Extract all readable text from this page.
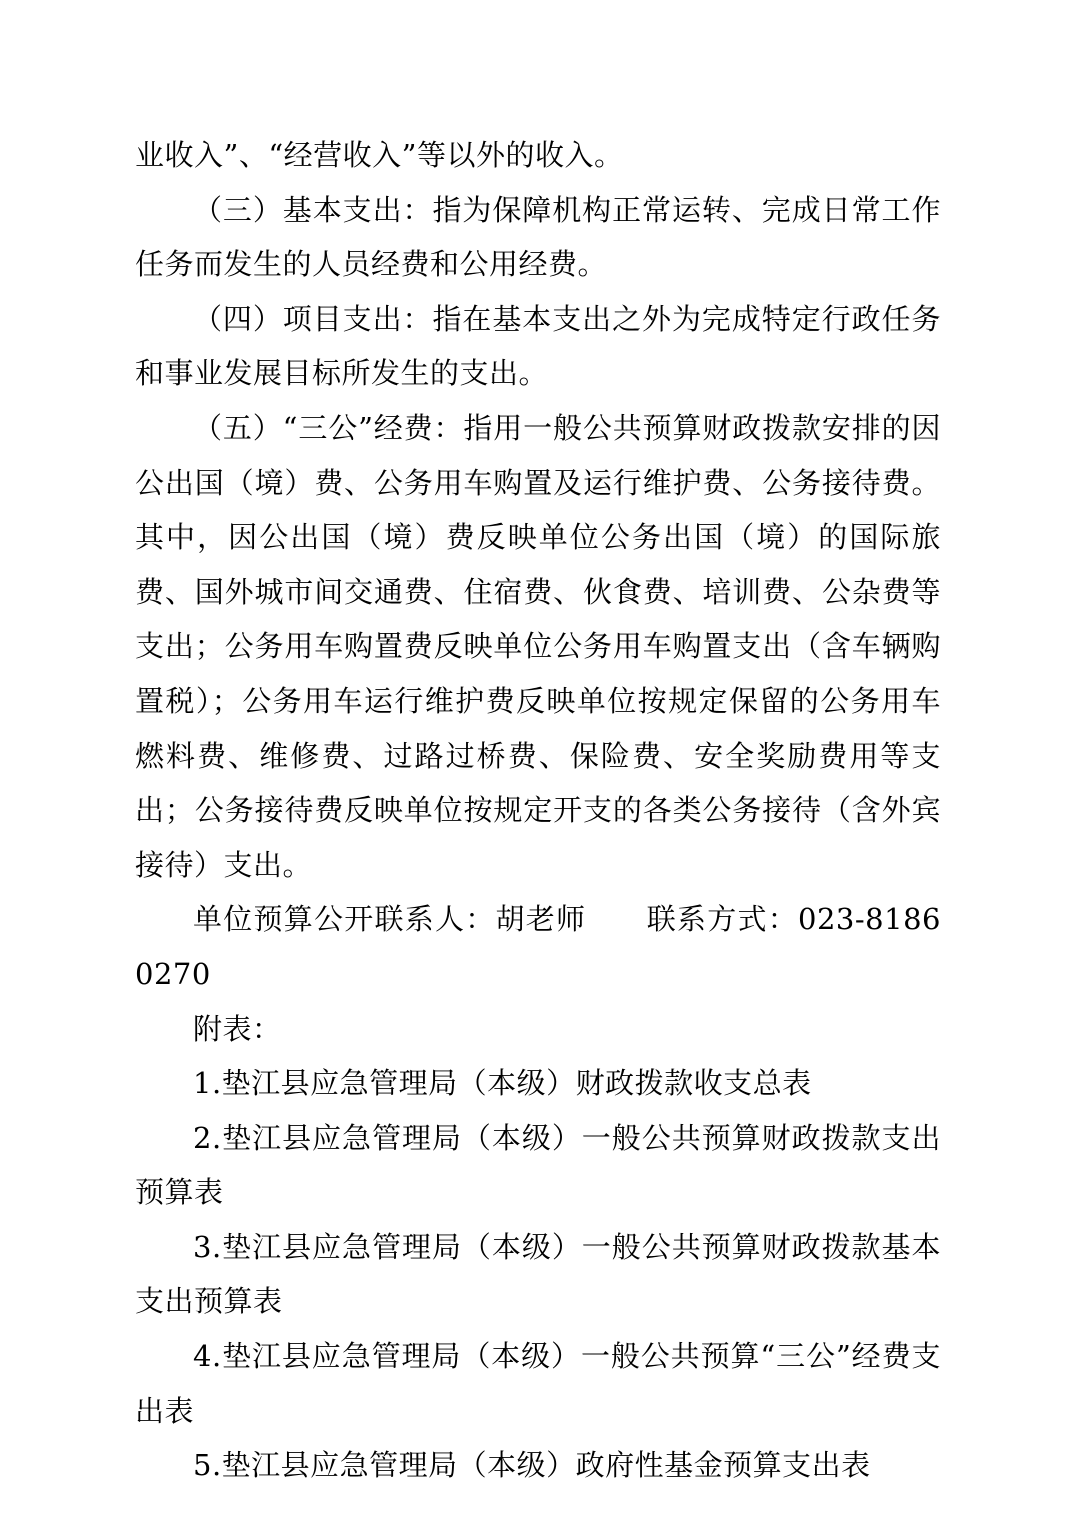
业收入”、“经营收入”等以外的收入。

（三）基本支出：指为保障机构正常运转、完成日常工作任务而发生的人员经费和公用经费。

（四）项目支出：指在基本支出之外为完成特定行政任务和事业发展目标所发生的支出。

（五）“三公”经费：指用一般公共预算财政拨款安排的因公出国（境）费、公务用车购置及运行维护费、公务接待费。其中，因公出国（境）费反映单位公务出国（境）的国际旅费、国外城市间交通费、住宿费、伙食费、培训费、公杂费等支出；公务用车购置费反映单位公务用车购置支出（含车辆购置税）；公务用车运行维护费反映单位按规定保留的公务用车燃料费、维修费、过路过桥费、保险费、安全奖励费用等支出；公务接待费反映单位按规定开支的各类公务接待（含外宾接待）支出。

单位预算公开联系人：胡老师　　联系方式：023-81860270

附表：

1.垫江县应急管理局（本级）财政拨款收支总表

2.垫江县应急管理局（本级）一般公共预算财政拨款支出预算表

3.垫江县应急管理局（本级）一般公共预算财政拨款基本支出预算表

4.垫江县应急管理局（本级）一般公共预算“三公”经费支出表

5.垫江县应急管理局（本级）政府性基金预算支出表
